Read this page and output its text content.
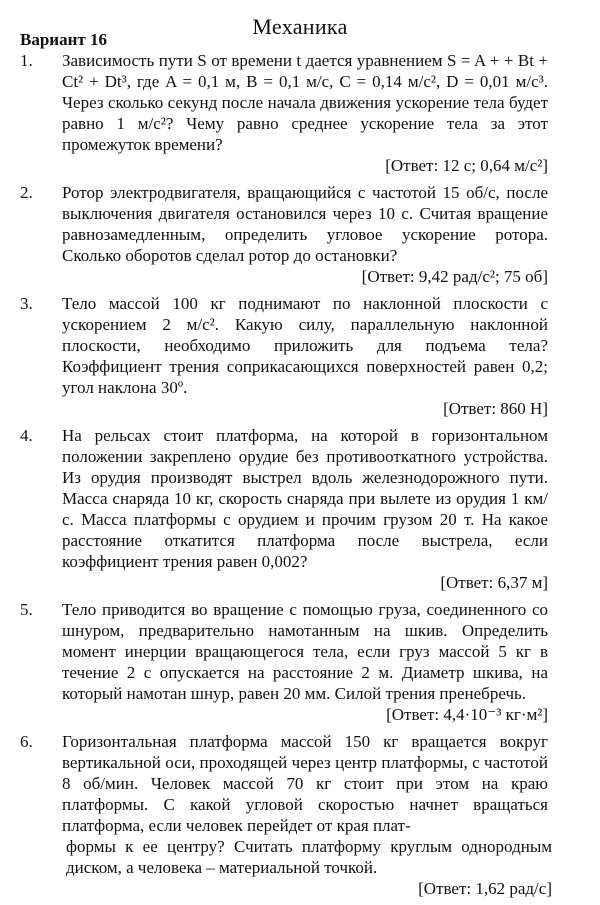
Механика
Вариант 16
1.	Зависимость пути S от времени t дается уравнением S = A + + Bt + Ct² + Dt³, где A = 0,1 м, B = 0,1 м/с, C = 0,14 м/с², D = 0,01 м/с³. Через сколько секунд после начала движения ускорение тела будет равно 1 м/с²? Чему равно среднее ускорение тела за этот промежуток времени?
[Ответ: 12 с; 0,64 м/с²]
2.	Ротор электродвигателя, вращающийся с частотой 15 об/с, после выключения двигателя остановился через 10 с. Считая вращение равнозамедленным, определить угловое ускорение ротора. Сколько оборотов сделал ротор до остановки?
[Ответ: 9,42 рад/с²; 75 об]
3.	Тело массой 100 кг поднимают по наклонной плоскости с ускорением 2 м/с². Какую силу, параллельную наклонной плоскости, необходимо приложить для подъема тела? Коэффициент трения соприкасающихся поверхностей равен 0,2; угол наклона 30º.
[Ответ: 860 Н]
4.	На рельсах стоит платформа, на которой в горизонтальном положении закреплено орудие без противооткатного устройства. Из орудия производят выстрел вдоль железнодорожного пути. Масса снаряда 10 кг, скорость снаряда при вылете из орудия 1 км/с. Масса платформы с орудием и прочим грузом 20 т. На какое расстояние откатится платформа после выстрела, если коэффициент трения равен 0,002?
[Ответ: 6,37 м]
5.	Тело приводится во вращение с помощью груза, соединенного со шнуром, предварительно намотанным на шкив. Определить момент инерции вращающегося тела, если груз массой 5 кг в течение 2 с опускается на расстояние 2 м. Диаметр шкива, на который намотан шнур, равен 20 мм. Силой трения пренебречь.
[Ответ: 4,4·10⁻³ кг·м²]
6.	Горизонтальная платформа массой 150 кг вращается вокруг вертикальной оси, проходящей через центр платформы, с частотой 8 об/мин. Человек массой 70 кг стоит при этом на краю платформы. С какой угловой скоростью начнет вращаться платформа, если человек перейдет от края плат-
формы к ее центру? Считать платформу круглым однородным диском, а человека – материальной точкой.
[Ответ: 1,62 рад/с]
